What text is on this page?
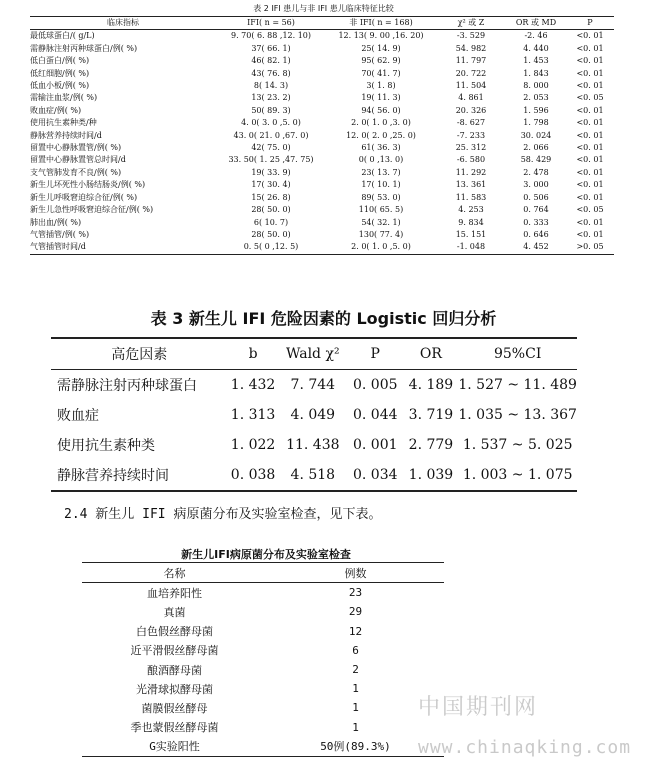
表 2 IFI 患儿与非 IFI 患儿临床特征比较
临床指标	IFI( n = 56)	非 IFI( n = 168)	χ² 或 Z	OR 或 MD	P
最低球蛋白/( g/L)	9. 70( 6. 88 ,12. 10)	12. 13( 9. 00 ,16. 20)	-3. 529	-2. 46	<0. 01
需静脉注射丙种球蛋白/例( %)	37( 66. 1)	25( 14. 9)	54. 982	4. 440	<0. 01
低白蛋白/例( %)	46( 82. 1)	95( 62. 9)	11. 797	1. 453	<0. 01
低红细胞/例( %)	43( 76. 8)	70( 41. 7)	20. 722	1. 843	<0. 01
低血小板/例( %)	8( 14. 3)	3( 1. 8)	11. 504	8. 000	<0. 01
需输注血浆/例( %)	13( 23. 2)	19( 11. 3)	4. 861	2. 053	<0. 05
败血症/例( %)	50( 89. 3)	94( 56. 0)	20. 326	1. 596	<0. 01
使用抗生素种类/种	4. 0( 3. 0 ,5. 0)	2. 0( 1. 0 ,3. 0)	-8. 627	1. 798	<0. 01
静脉营养持续时间/d	43. 0( 21. 0 ,67. 0)	12. 0( 2. 0 ,25. 0)	-7. 233	30. 024	<0. 01
留置中心静脉置管/例( %)	42( 75. 0)	61( 36. 3)	25. 312	2. 066	<0. 01
留置中心静脉置管总时间/d	33. 50( 1. 25 ,47. 75)	0( 0 ,13. 0)	-6. 580	58. 429	<0. 01
支气管肺发育不良/例( %)	19( 33. 9)	23( 13. 7)	11. 292	2. 478	<0. 01
新生儿坏死性小肠结肠炎/例( %)	17( 30. 4)	17( 10. 1)	13. 361	3. 000	<0. 01
新生儿呼吸窘迫综合征/例( %)	15( 26. 8)	89( 53. 0)	11. 583	0. 506	<0. 01
新生儿急性呼吸窘迫综合征/例( %)	28( 50. 0)	110( 65. 5)	4. 253	0. 764	<0. 05
肺出血/例( %)	6( 10. 7)	54( 32. 1)	9. 834	0. 333	<0. 01
气管插管/例( %)	28( 50. 0)	130( 77. 4)	15. 151	0. 646	<0. 01
气管插管时间/d	0. 5( 0 ,12. 5)	2. 0( 1. 0 ,5. 0)	-1. 048	4. 452	>0. 05
表 3 新生儿 IFI 危险因素的 Logistic 回归分析
高危因素	b	Wald χ²	P	OR	95%CI
需静脉注射丙种球蛋白	1. 432	7. 744	0. 005	4. 189	1. 527 ~ 11. 489
败血症	1. 313	4. 049	0. 044	3. 719	1. 035 ~ 13. 367
使用抗生素种类	1. 022	11. 438	0. 001	2. 779	1. 537 ~ 5. 025
静脉营养持续时间	0. 038	4. 518	0. 034	1. 039	1. 003 ~ 1. 075
2.4 新生儿 IFI 病原菌分布及实验室检查，见下表。
新生儿IFI病原菌分布及实验室检查
名称	例数
血培养阳性	23
真菌	29
白色假丝酵母菌	12
近平滑假丝酵母菌	6
酿酒酵母菌	2
光滑球拟酵母菌	1
菌膜假丝酵母	1
季也蒙假丝酵母菌	1
G实验阳性	50例(89.3%)
中国期刊网
www.chinaqking.com
